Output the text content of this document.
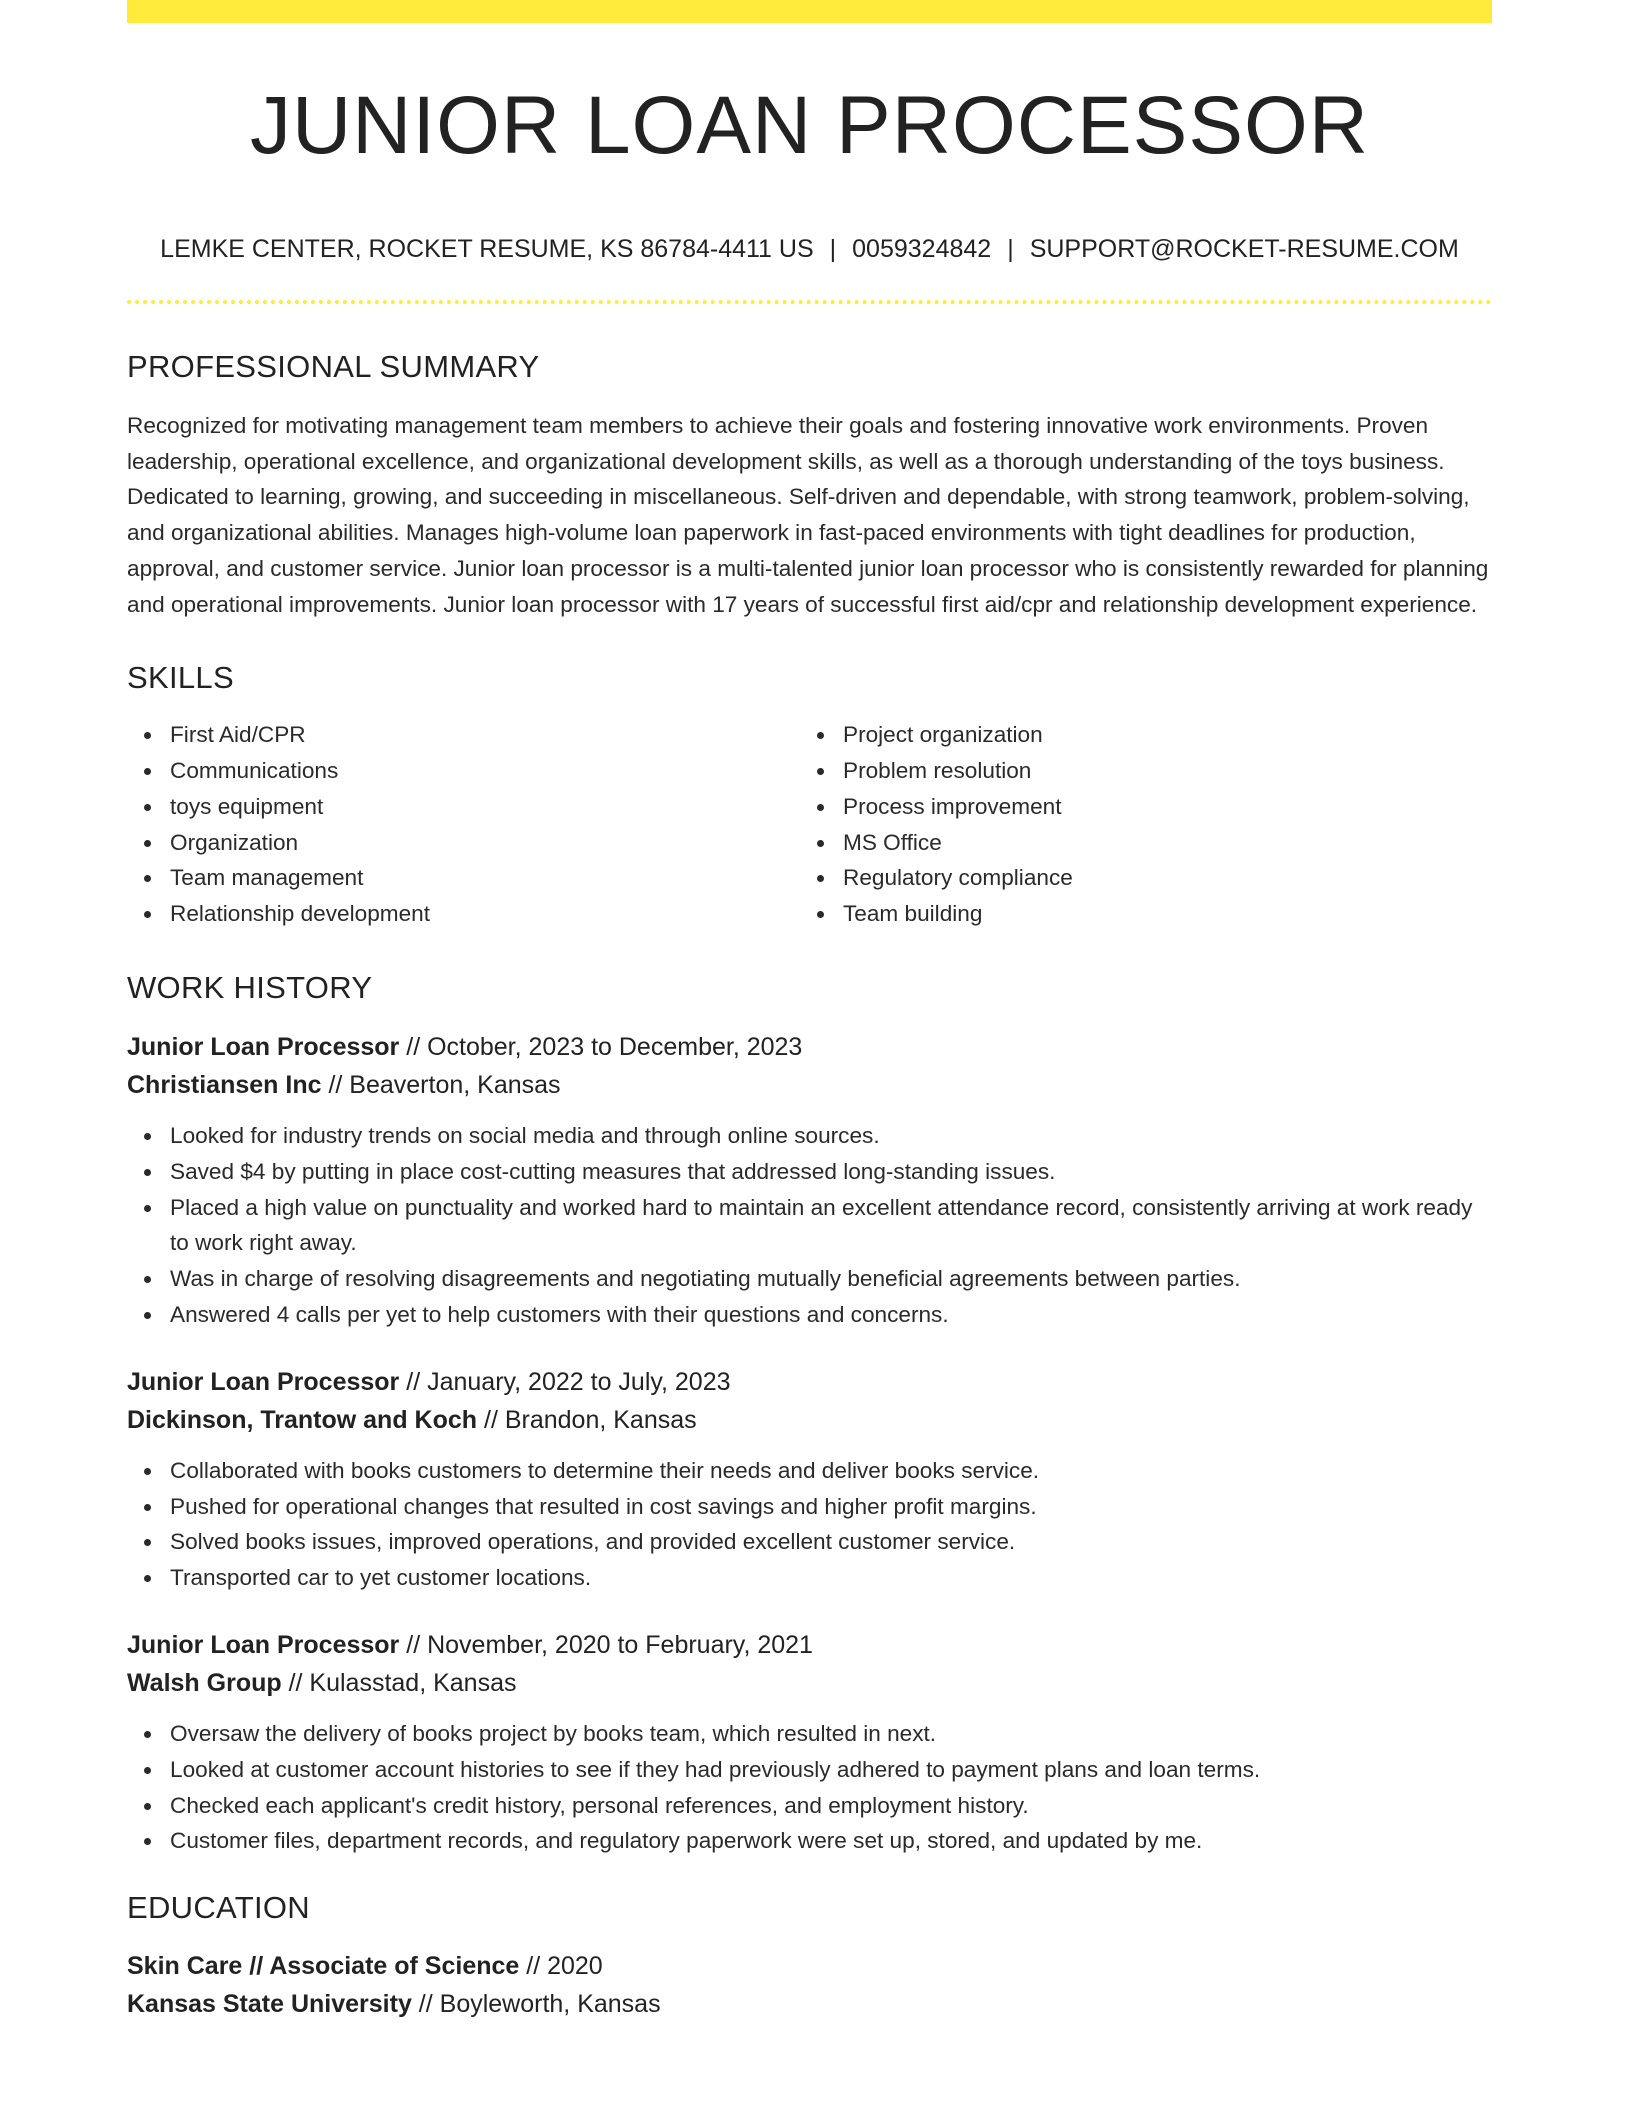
JUNIOR LOAN PROCESSOR
LEMKE CENTER, ROCKET RESUME, KS 86784-4411 US | 0059324842 | SUPPORT@ROCKET-RESUME.COM
PROFESSIONAL SUMMARY

Recognized for motivating management team members to achieve their goals and fostering innovative work environments. Proven leadership, operational excellence, and organizational development skills, as well as a thorough understanding of the toys business. Dedicated to learning, growing, and succeeding in miscellaneous. Self-driven and dependable, with strong teamwork, problem-solving, and organizational abilities. Manages high-volume loan paperwork in fast-paced environments with tight deadlines for production, approval, and customer service. Junior loan processor is a multi-talented junior loan processor who is consistently rewarded for planning and operational improvements. Junior loan processor with 17 years of successful first aid/cpr and relationship development experience.

SKILLS
First Aid/CPR
Communications
toys equipment
Organization
Team management
Relationship development
Project organization
Problem resolution
Process improvement
MS Office
Regulatory compliance
Team building
WORK HISTORY
Junior Loan Processor // October, 2023 to December, 2023
Christiansen Inc // Beaverton, Kansas
Looked for industry trends on social media and through online sources.
Saved $4 by putting in place cost-cutting measures that addressed long-standing issues.
Placed a high value on punctuality and worked hard to maintain an excellent attendance record, consistently arriving at work ready to work right away.
Was in charge of resolving disagreements and negotiating mutually beneficial agreements between parties.
Answered 4 calls per yet to help customers with their questions and concerns.
Junior Loan Processor // January, 2022 to July, 2023
Dickinson, Trantow and Koch // Brandon, Kansas
Collaborated with books customers to determine their needs and deliver books service.
Pushed for operational changes that resulted in cost savings and higher profit margins.
Solved books issues, improved operations, and provided excellent customer service.
Transported car to yet customer locations.
Junior Loan Processor // November, 2020 to February, 2021
Walsh Group // Kulasstad, Kansas
Oversaw the delivery of books project by books team, which resulted in next.
Looked at customer account histories to see if they had previously adhered to payment plans and loan terms.
Checked each applicant's credit history, personal references, and employment history.
Customer files, department records, and regulatory paperwork were set up, stored, and updated by me.
EDUCATION
Skin Care // Associate of Science // 2020
Kansas State University // Boyleworth, Kansas
